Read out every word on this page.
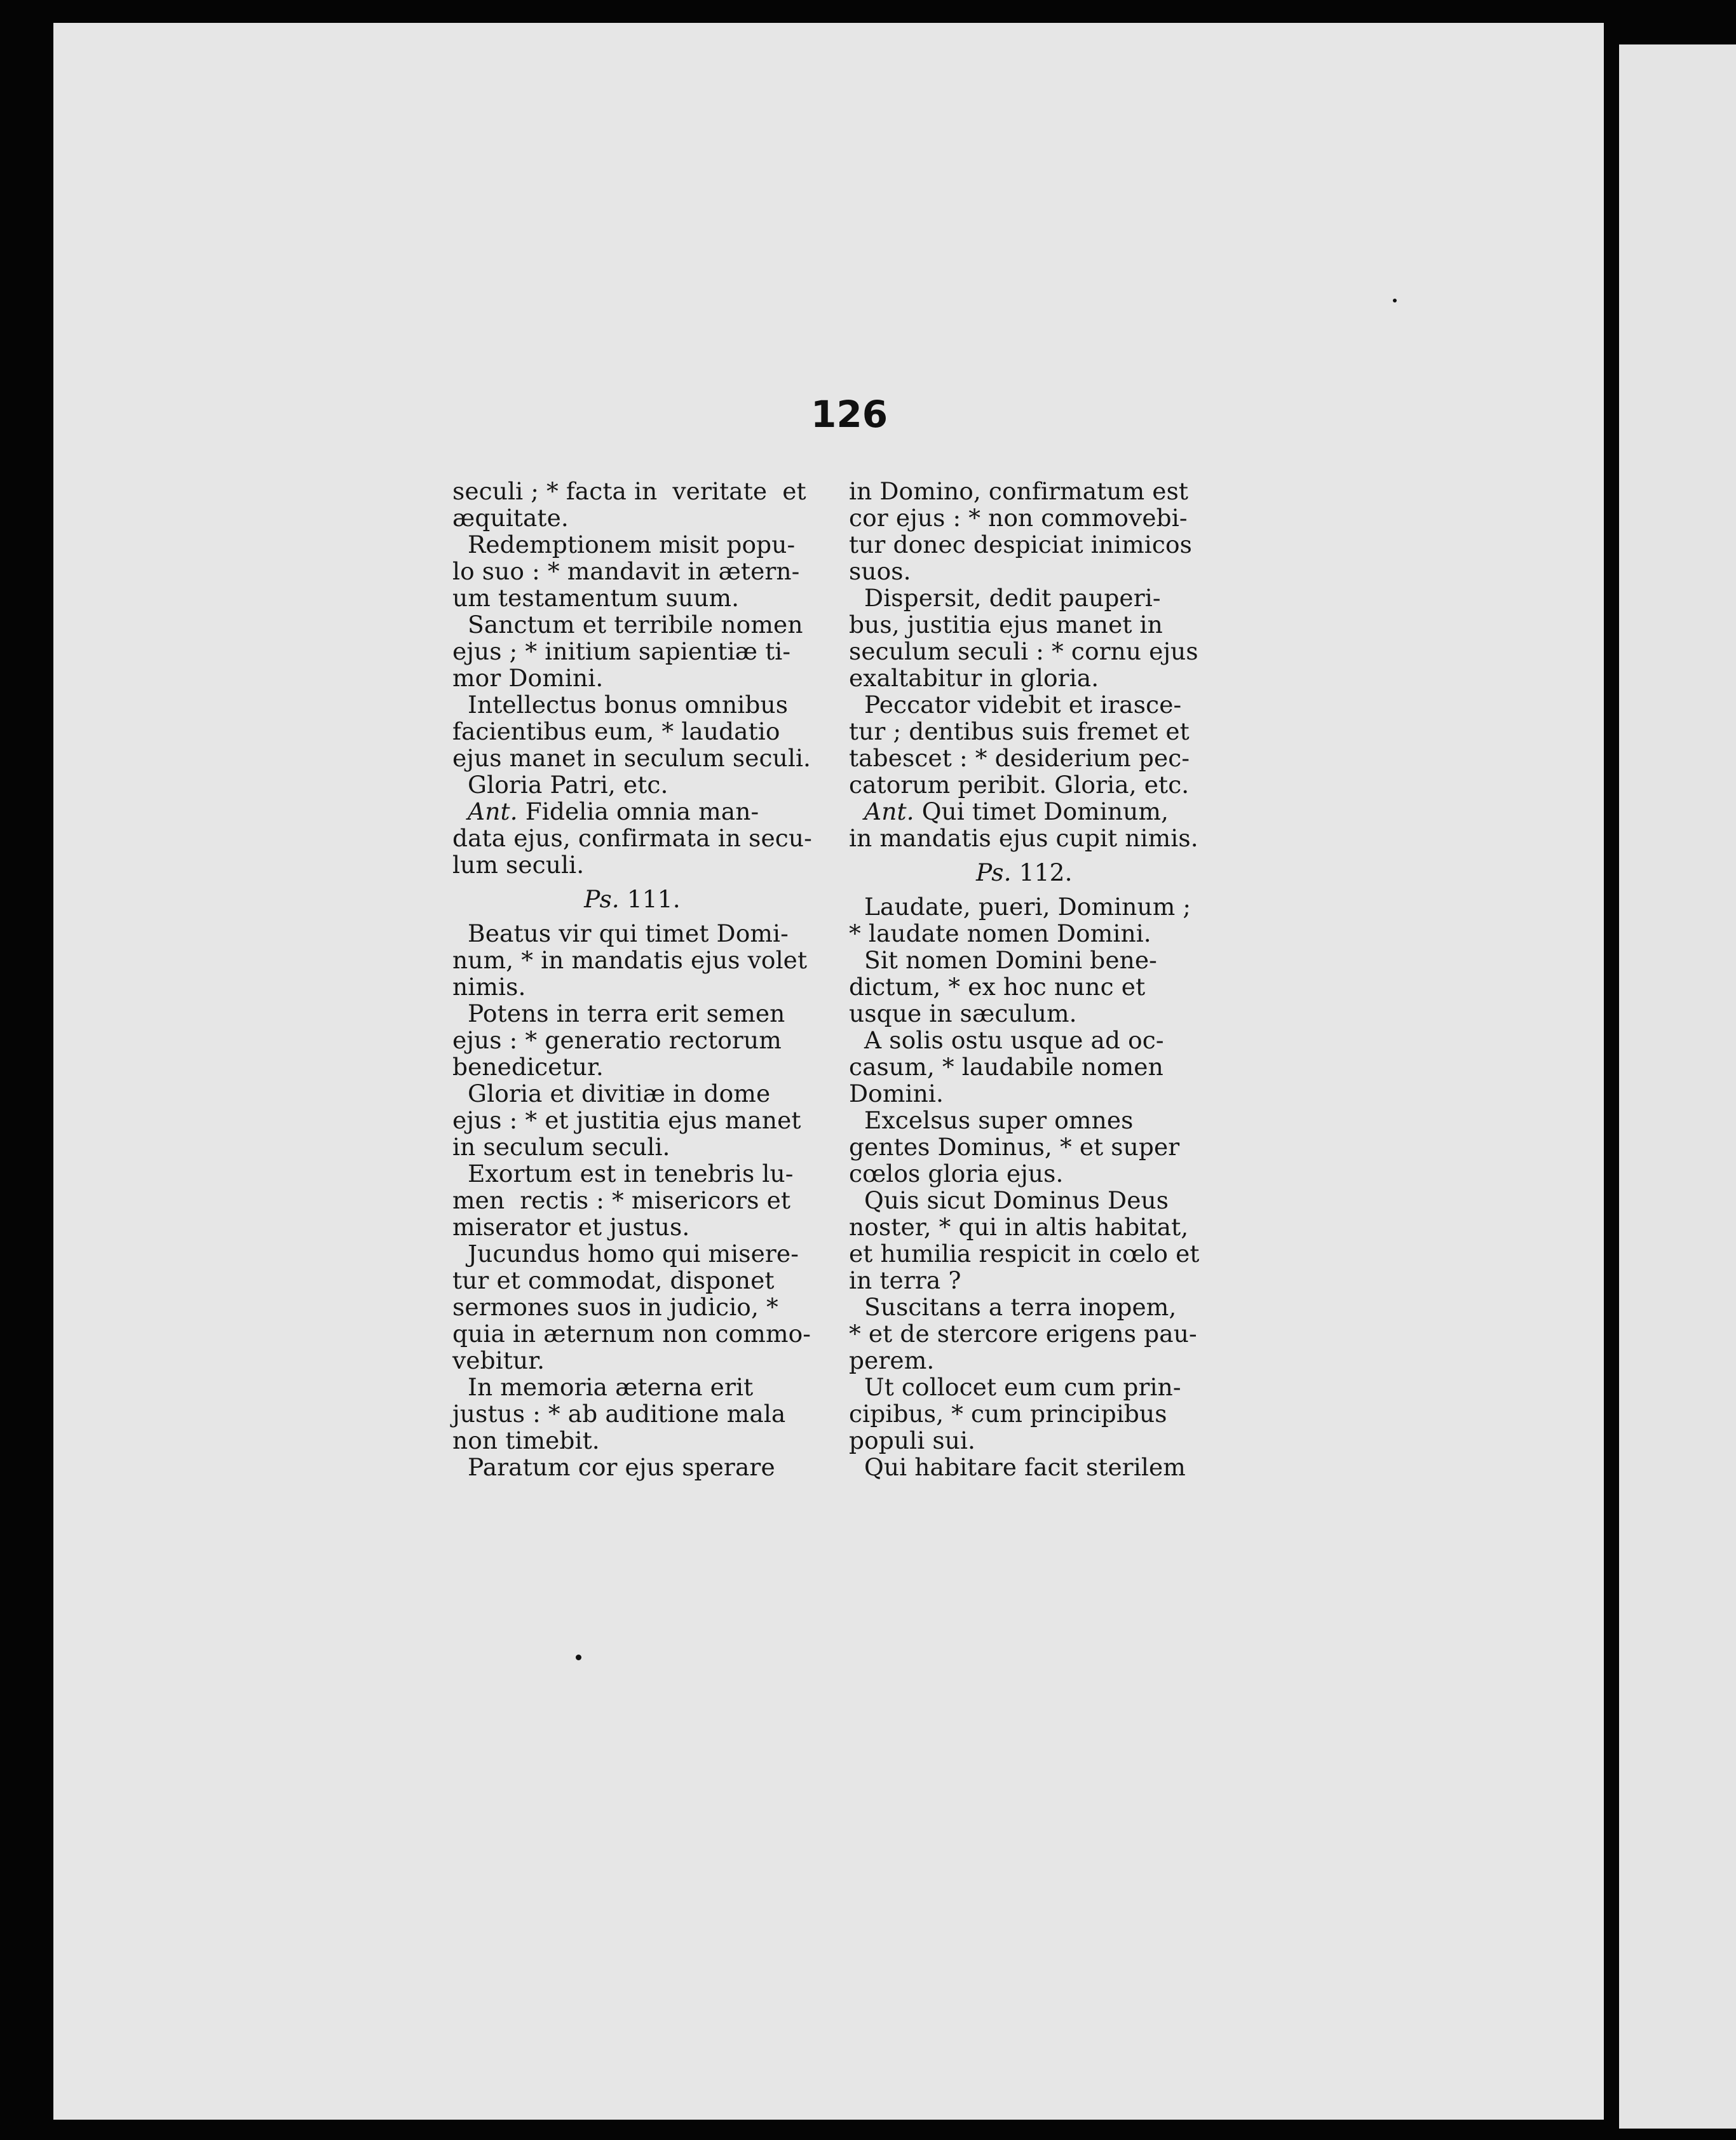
126
seculi ; * facta in  veritate  et
æquitate.
Redemptionem misit popu-
lo suo : * mandavit in ætern-
um testamentum suum.
Sanctum et terribile nomen
ejus ; * initium sapientiæ ti-
mor Domini.
Intellectus bonus omnibus
facientibus eum, * laudatio
ejus manet in seculum seculi.
Gloria Patri, etc.
Ant. Fidelia omnia man-
data ejus, confirmata in secu-
lum seculi.
Ps. 111.
Beatus vir qui timet Domi-
num, * in mandatis ejus volet
nimis.
Potens in terra erit semen
ejus : * generatio rectorum
benedicetur.
Gloria et divitiæ in dome
ejus : * et justitia ejus manet
in seculum seculi.
Exortum est in tenebris lu-
men  rectis : * misericors et
miserator et justus.
Jucundus homo qui misere-
tur et commodat, disponet
sermones suos in judicio, *
quia in æternum non commo-
vebitur.
In memoria æterna erit
justus : * ab auditione mala
non timebit.
Paratum cor ejus sperare
in Domino, confirmatum est
cor ejus : * non commovebi-
tur donec despiciat inimicos
suos.
Dispersit, dedit pauperi-
bus, justitia ejus manet in
seculum seculi : * cornu ejus
exaltabitur in gloria.
Peccator videbit et irasce-
tur ; dentibus suis fremet et
tabescet : * desiderium pec-
catorum peribit. Gloria, etc.
Ant. Qui timet Dominum,
in mandatis ejus cupit nimis.
Ps. 112.
Laudate, pueri, Dominum ;
* laudate nomen Domini.
Sit nomen Domini bene-
dictum, * ex hoc nunc et
usque in sæculum.
A solis ostu usque ad oc-
casum, * laudabile nomen
Domini.
Excelsus super omnes
gentes Dominus, * et super
cœlos gloria ejus.
Quis sicut Dominus Deus
noster, * qui in altis habitat,
et humilia respicit in cœlo et
in terra ?
Suscitans a terra inopem,
* et de stercore erigens pau-
perem.
Ut collocet eum cum prin-
cipibus, * cum principibus
populi sui.
Qui habitare facit sterilem
